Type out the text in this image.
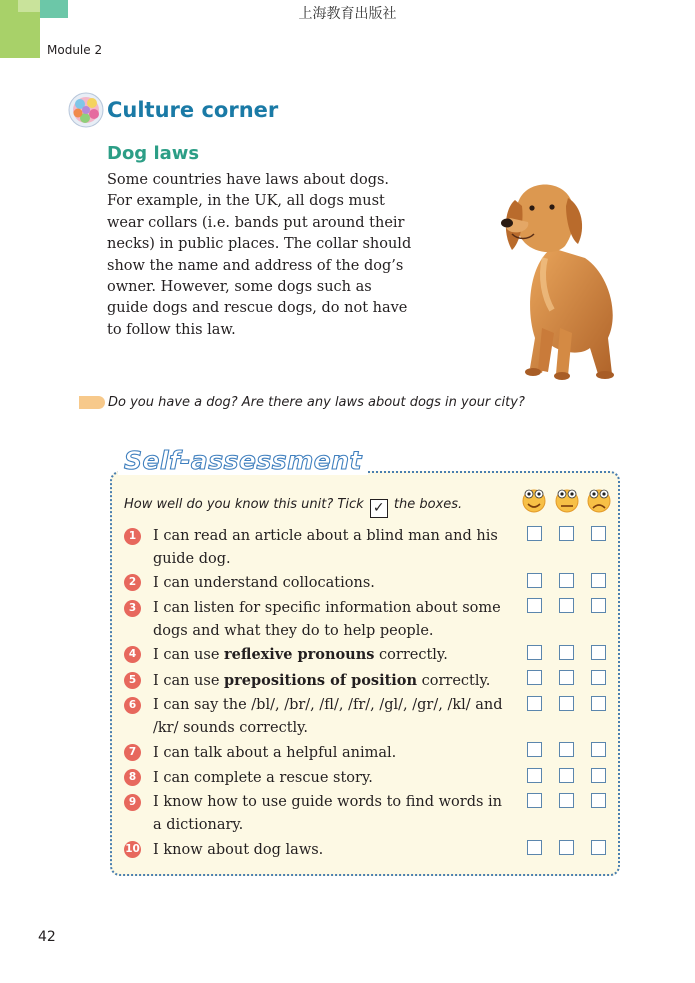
上海教育出版社
Module 2
Culture corner
Dog laws

Some countries have laws about dogs. For example, in the UK, all dogs must wear collars (i.e. bands put around their necks) in public places. The collar should show the name and address of the dog’s owner. However, some dogs such as guide dogs and rescue dogs, do not have to follow this law.

Do you have a dog? Are there any laws about dogs in your city?
Self-assessment
How well do you know this unit? Tick ✓ the boxes.
1	I can read an article about a blind man and his guide dog.
2	I can understand collocations.
3	I can listen for specific information about some dogs and what they do to help people.
4	I can use reflexive pronouns correctly.
5	I can use prepositions of position correctly.
6	I can say the /bl/, /br/, /fl/, /fr/, /gl/, /gr/, /kl/ and /kr/ sounds correctly.
7	I can talk about a helpful animal.
8	I can complete a rescue story.
9	I know how to use guide words to find words in a dictionary.
10 I know about dog laws.
42
